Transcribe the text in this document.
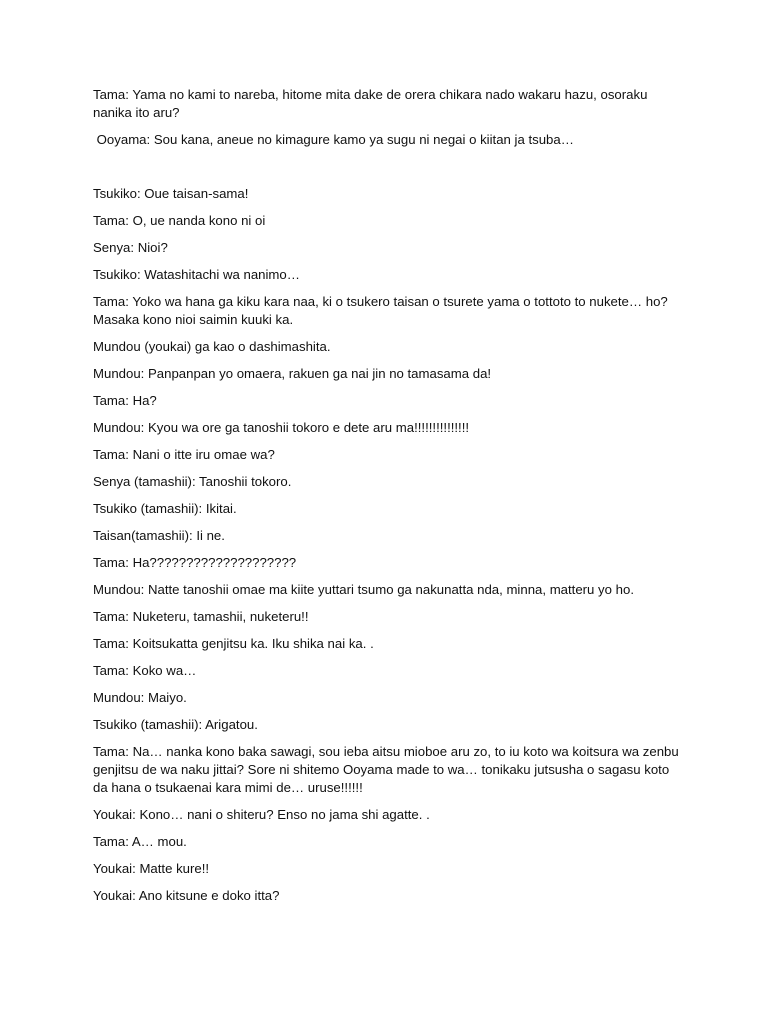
Tama: Yama no kami to nareba, hitome mita dake de orera chikara nado wakaru hazu, osoraku nanika ito aru?

Ooyama: Sou kana, aneue no kimagure kamo ya sugu ni negai o kiitan ja tsuba…

Tsukiko: Oue taisan-sama!

Tama: O, ue nanda kono ni oi

Senya: Nioi?

Tsukiko: Watashitachi wa nanimo…

Tama: Yoko wa hana ga kiku kara naa, ki o tsukero taisan o tsurete yama o tottoto to nukete… ho? Masaka kono nioi saimin kuuki ka.

Mundou (youkai) ga kao o dashimashita.

Mundou: Panpanpan yo omaera, rakuen ga nai jin no tamasama da!

Tama: Ha?

Mundou: Kyou wa ore ga tanoshii tokoro e dete aru ma!!!!!!!!!!!!!!!

Tama: Nani o itte iru omae wa?

Senya (tamashii): Tanoshii tokoro.

Tsukiko (tamashii): Ikitai.

Taisan(tamashii): Ii ne.

Tama: Ha????????????????????

Mundou: Natte tanoshii omae ma kiite yuttari tsumo ga nakunatta nda, minna, matteru yo ho.

Tama: Nuketeru, tamashii, nuketeru!!

Tama: Koitsukatta genjitsu ka. Iku shika nai ka. .

Tama: Koko wa…

Mundou: Maiyo.

Tsukiko (tamashii): Arigatou.

Tama: Na… nanka kono baka sawagi, sou ieba aitsu mioboe aru zo, to iu koto wa koitsura wa zenbu genjitsu de wa naku jittai? Sore ni shitemo Ooyama made to wa… tonikaku jutsusha o sagasu koto da hana o tsukaenai kara mimi de… uruse!!!!!!

Youkai: Kono… nani o shiteru? Enso no jama shi agatte. .

Tama: A… mou.

Youkai: Matte kure!!

Youkai: Ano kitsune e doko itta?
